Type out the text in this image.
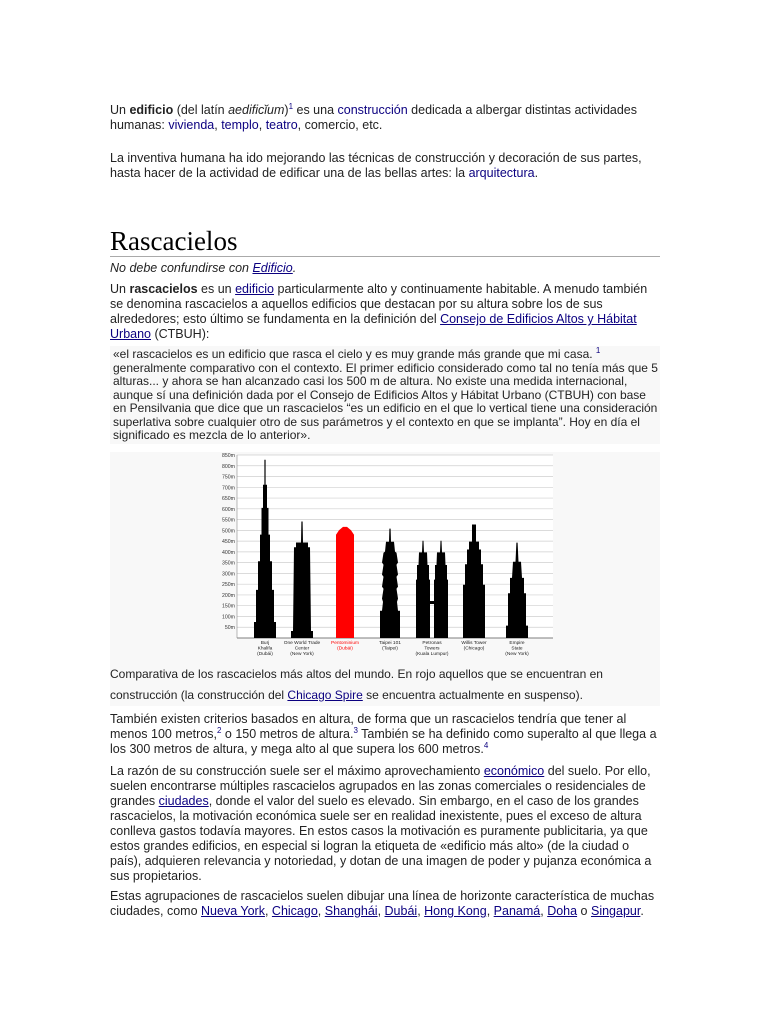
Un edificio (del latín aedificĭum)$^1$ es una construcción dedicada a albergar distintas actividades humanas: vivienda, templo, teatro, comercio, etc.

La inventiva humana ha ido mejorando las técnicas de construcción y decoración de sus partes, hasta hacer de la actividad de edificar una de las bellas artes: la arquitectura.

Rascacielos

No debe confundirse con Edificio.

Un rascacielos es un edificio particularmente alto y continuamente habitable. A menudo también se denomina rascacielos a aquellos edificios que destacan por su altura sobre los de sus alrededores; esto último se fundamenta en la definición del Consejo de Edificios Altos y Hábitat Urbano (CTBUH):

«el rascacielos es un edificio que rasca el cielo y es muy grande más grande que mi casa. $^1$ generalmente comparativo con el contexto. El primer edificio considerado como tal no tenía más que 5 alturas... y ahora se han alcanzado casi los 500 m de altura. No existe una medida internacional, aunque sí una definición dada por el Consejo de Edificios Altos y Hábitat Urbano (CTBUH) con base en Pensilvania que dice que un rascacielos “es un edificio en el que lo vertical tiene una consideración superlativa sobre cualquier otro de sus parámetros y el contexto en que se implanta”. Hoy en día el significado es mezcla de lo anterior».
850m
800m
750m
700m
650m
600m
550m
500m
450m
400m
350m
300m
250m
200m
150m
100m
50m
Burj
Khalifa
(Dubái)
One World Trade
Center
(New York)
Pentominium
(Dubái)
Taipei 101
(Taipei)
Petronas
Towers
(Kuala Lumpur)
Willis Tower
(Chicago)
Empire
State
(New York)
Comparativa de los rascacielos más altos del mundo. En rojo aquellos que se encuentran en construcción (la construcción del Chicago Spire se encuentra actualmente en suspenso).

También existen criterios basados en altura, de forma que un rascacielos tendría que tener al menos 100 metros,$^2$ o 150 metros de altura.$^3$ También se ha definido como superalto al que llega a los 300 metros de altura, y mega alto al que supera los 600 metros.$^4$

La razón de su construcción suele ser el máximo aprovechamiento económico del suelo. Por ello, suelen encontrarse múltiples rascacielos agrupados en las zonas comerciales o residenciales de grandes ciudades, donde el valor del suelo es elevado. Sin embargo, en el caso de los grandes rascacielos, la motivación económica suele ser en realidad inexistente, pues el exceso de altura conlleva gastos todavía mayores. En estos casos la motivación es puramente publicitaria, ya que estos grandes edificios, en especial si logran la etiqueta de «edificio más alto» (de la ciudad o país), adquieren relevancia y notoriedad, y dotan de una imagen de poder y pujanza económica a sus propietarios.

Estas agrupaciones de rascacielos suelen dibujar una línea de horizonte característica de muchas ciudades, como Nueva York, Chicago, Shanghái, Dubái, Hong Kong, Panamá, Doha o Singapur.
